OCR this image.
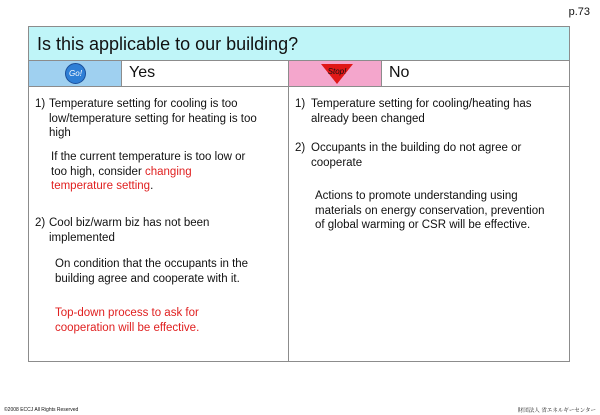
p.73
Is this applicable to our building?
Go!	Yes
1) Temperature setting for cooling is too low/temperature setting for heating is too high
If the current temperature is too low or too high, consider changing temperature setting.
2) Cool biz/warm biz has not been implemented
On condition that the occupants in the building agree and cooperate with it.
Top-down process to ask for cooperation will be effective.
Stop!	No
1) Temperature setting for cooling/heating has already been changed
2) Occupants in the building do not agree or cooperate
Actions to promote understanding using materials on energy conservation, prevention of global warming or CSR will be effective.
©2008 ECCJ All Rights Reserved	財団法人 省エネルギーセンター
